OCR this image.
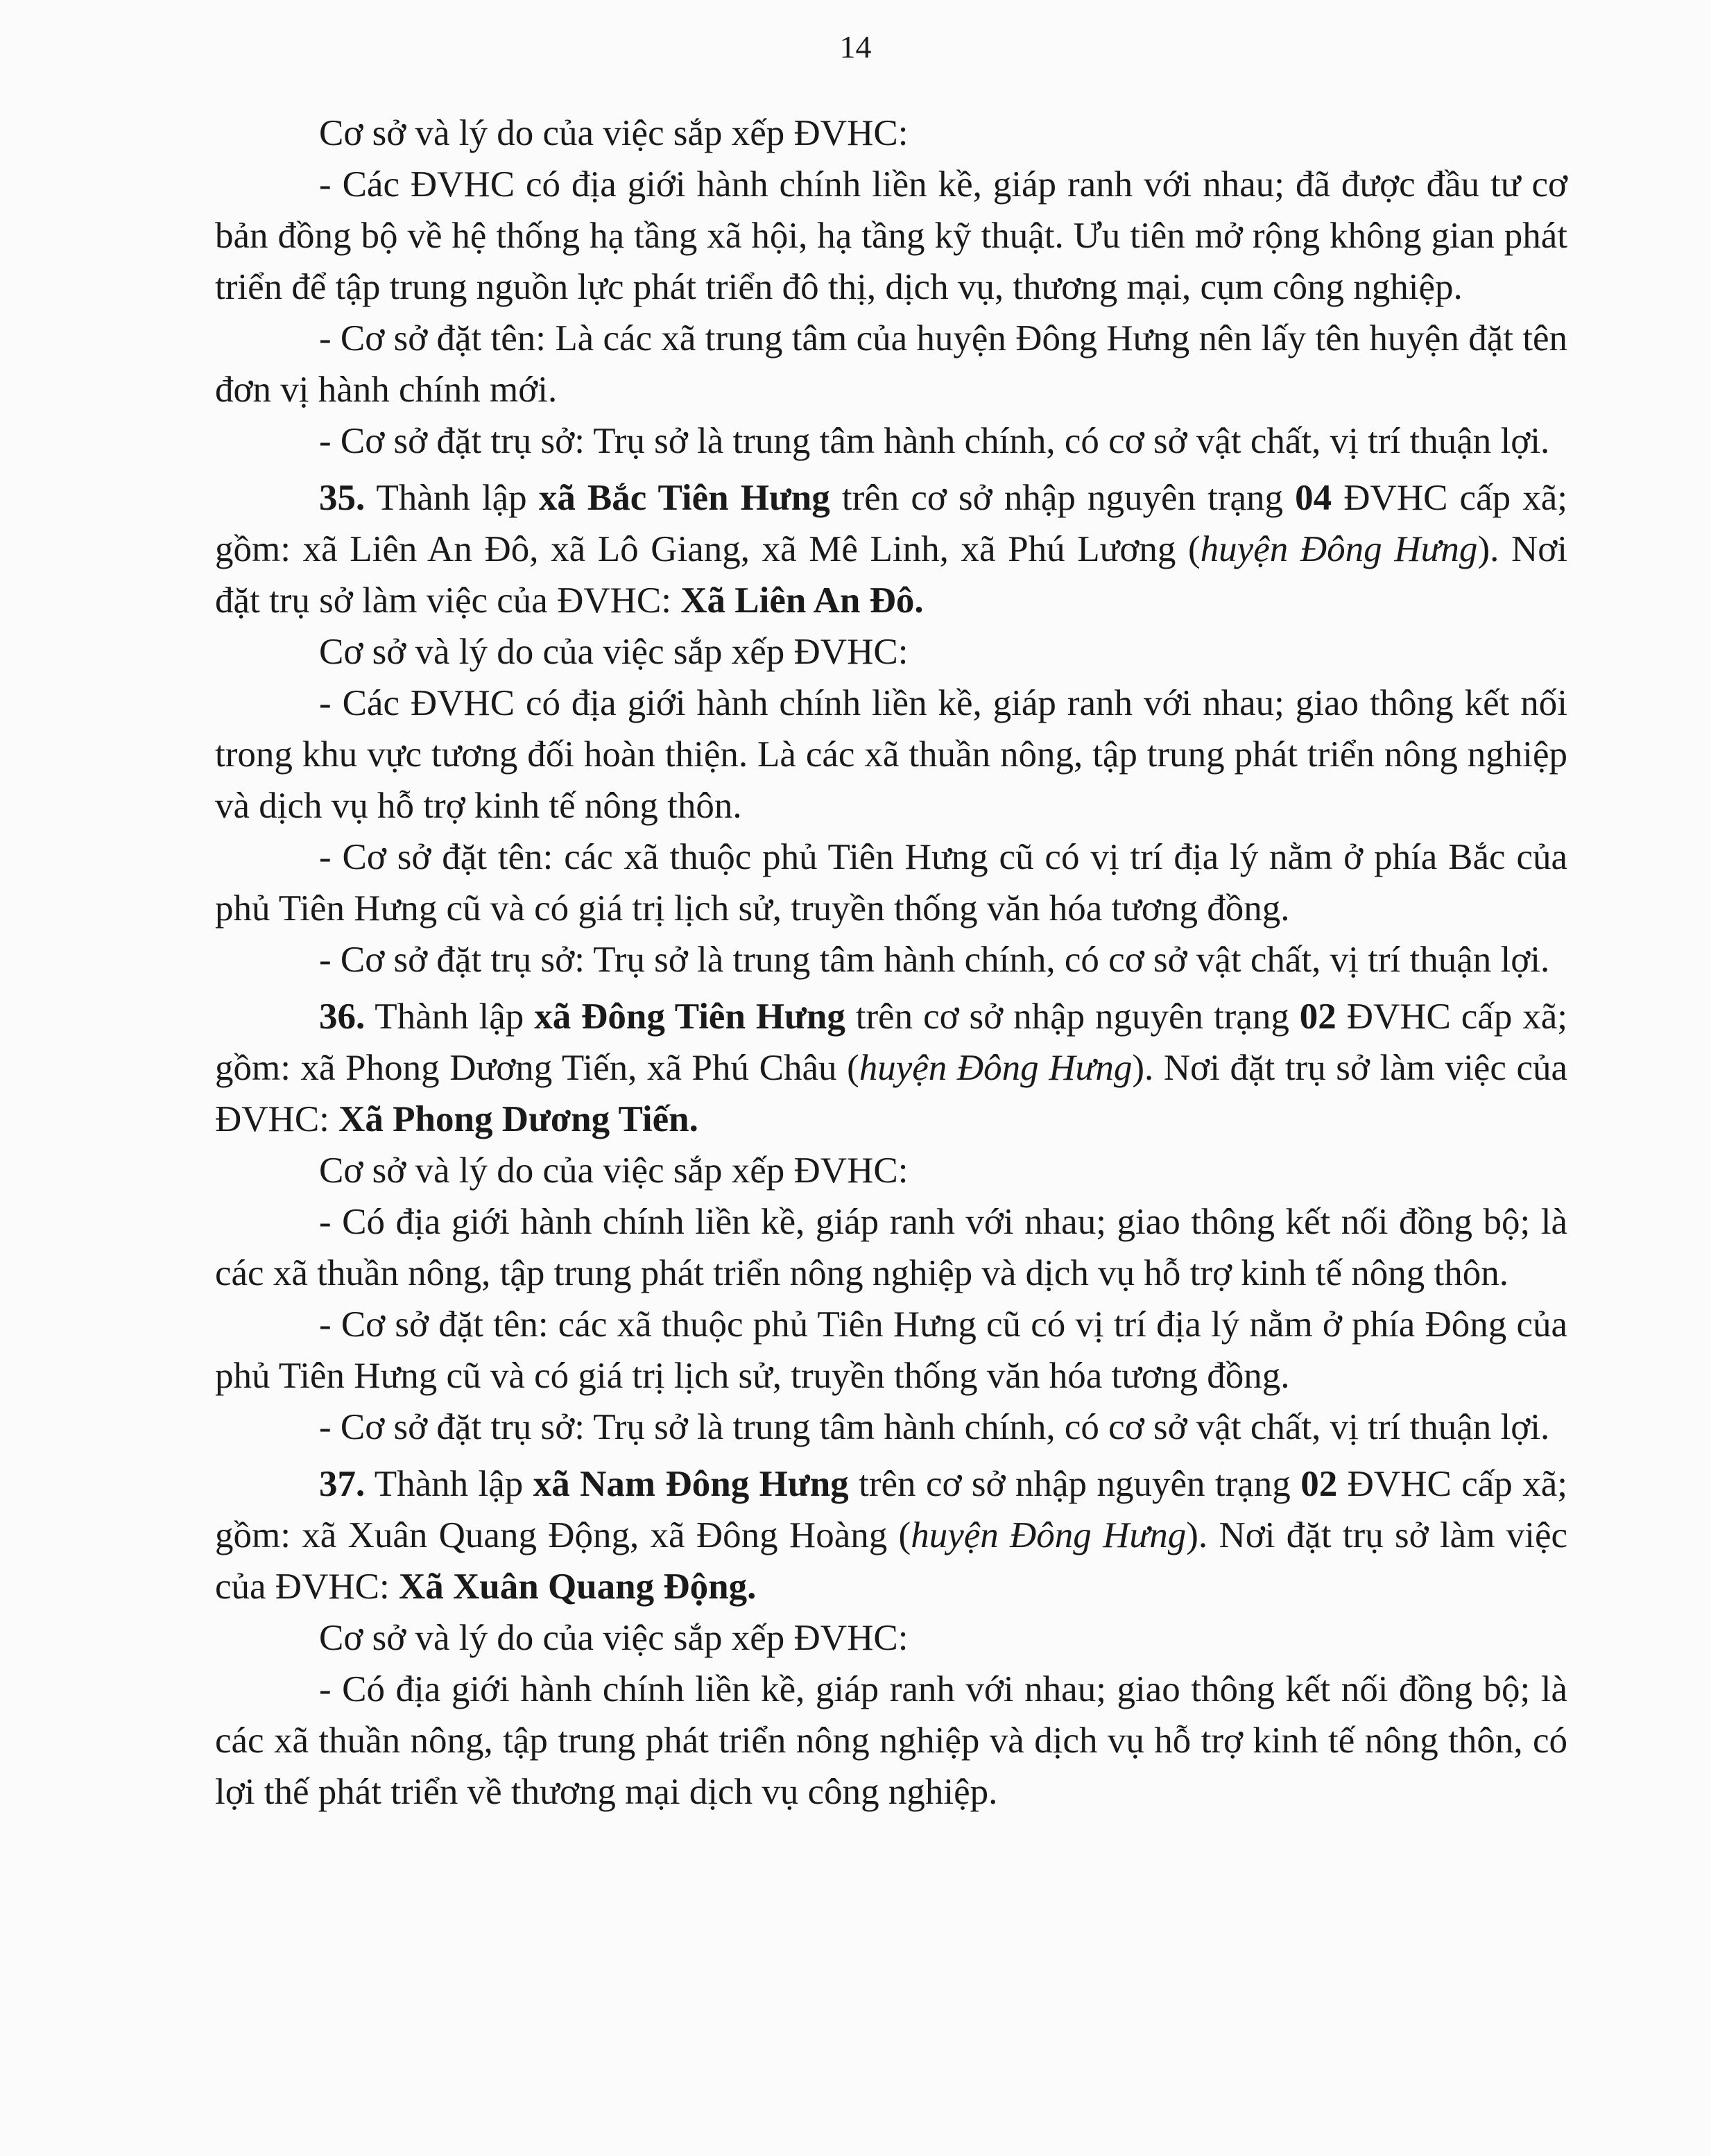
14

Cơ sở và lý do của việc sắp xếp ĐVHC:

- Các ĐVHC có địa giới hành chính liền kề, giáp ranh với nhau; đã được đầu tư cơ bản đồng bộ về hệ thống hạ tầng xã hội, hạ tầng kỹ thuật. Ưu tiên mở rộng không gian phát triển để tập trung nguồn lực phát triển đô thị, dịch vụ, thương mại, cụm công nghiệp.

- Cơ sở đặt tên: Là các xã trung tâm của huyện Đông Hưng nên lấy tên huyện đặt tên đơn vị hành chính mới.

- Cơ sở đặt trụ sở: Trụ sở là trung tâm hành chính, có cơ sở vật chất, vị trí thuận lợi.

35. Thành lập xã Bắc Tiên Hưng trên cơ sở nhập nguyên trạng 04 ĐVHC cấp xã; gồm: xã Liên An Đô, xã Lô Giang, xã Mê Linh, xã Phú Lương (huyện Đông Hưng). Nơi đặt trụ sở làm việc của ĐVHC: Xã Liên An Đô.

Cơ sở và lý do của việc sắp xếp ĐVHC:

- Các ĐVHC có địa giới hành chính liền kề, giáp ranh với nhau; giao thông kết nối trong khu vực tương đối hoàn thiện. Là các xã thuần nông, tập trung phát triển nông nghiệp và dịch vụ hỗ trợ kinh tế nông thôn.

- Cơ sở đặt tên: các xã thuộc phủ Tiên Hưng cũ có vị trí địa lý nằm ở phía Bắc của phủ Tiên Hưng cũ và có giá trị lịch sử, truyền thống văn hóa tương đồng.

- Cơ sở đặt trụ sở: Trụ sở là trung tâm hành chính, có cơ sở vật chất, vị trí thuận lợi.

36. Thành lập xã Đông Tiên Hưng trên cơ sở nhập nguyên trạng 02 ĐVHC cấp xã; gồm: xã Phong Dương Tiến, xã Phú Châu (huyện Đông Hưng). Nơi đặt trụ sở làm việc của ĐVHC: Xã Phong Dương Tiến.

Cơ sở và lý do của việc sắp xếp ĐVHC:

- Có địa giới hành chính liền kề, giáp ranh với nhau; giao thông kết nối đồng bộ; là các xã thuần nông, tập trung phát triển nông nghiệp và dịch vụ hỗ trợ kinh tế nông thôn.

- Cơ sở đặt tên: các xã thuộc phủ Tiên Hưng cũ có vị trí địa lý nằm ở phía Đông của phủ Tiên Hưng cũ và có giá trị lịch sử, truyền thống văn hóa tương đồng.

- Cơ sở đặt trụ sở: Trụ sở là trung tâm hành chính, có cơ sở vật chất, vị trí thuận lợi.

37. Thành lập xã Nam Đông Hưng trên cơ sở nhập nguyên trạng 02 ĐVHC cấp xã; gồm: xã Xuân Quang Động, xã Đông Hoàng (huyện Đông Hưng). Nơi đặt trụ sở làm việc của ĐVHC: Xã Xuân Quang Động.

Cơ sở và lý do của việc sắp xếp ĐVHC:

- Có địa giới hành chính liền kề, giáp ranh với nhau; giao thông kết nối đồng bộ; là các xã thuần nông, tập trung phát triển nông nghiệp và dịch vụ hỗ trợ kinh tế nông thôn, có lợi thế phát triển về thương mại dịch vụ công nghiệp.
